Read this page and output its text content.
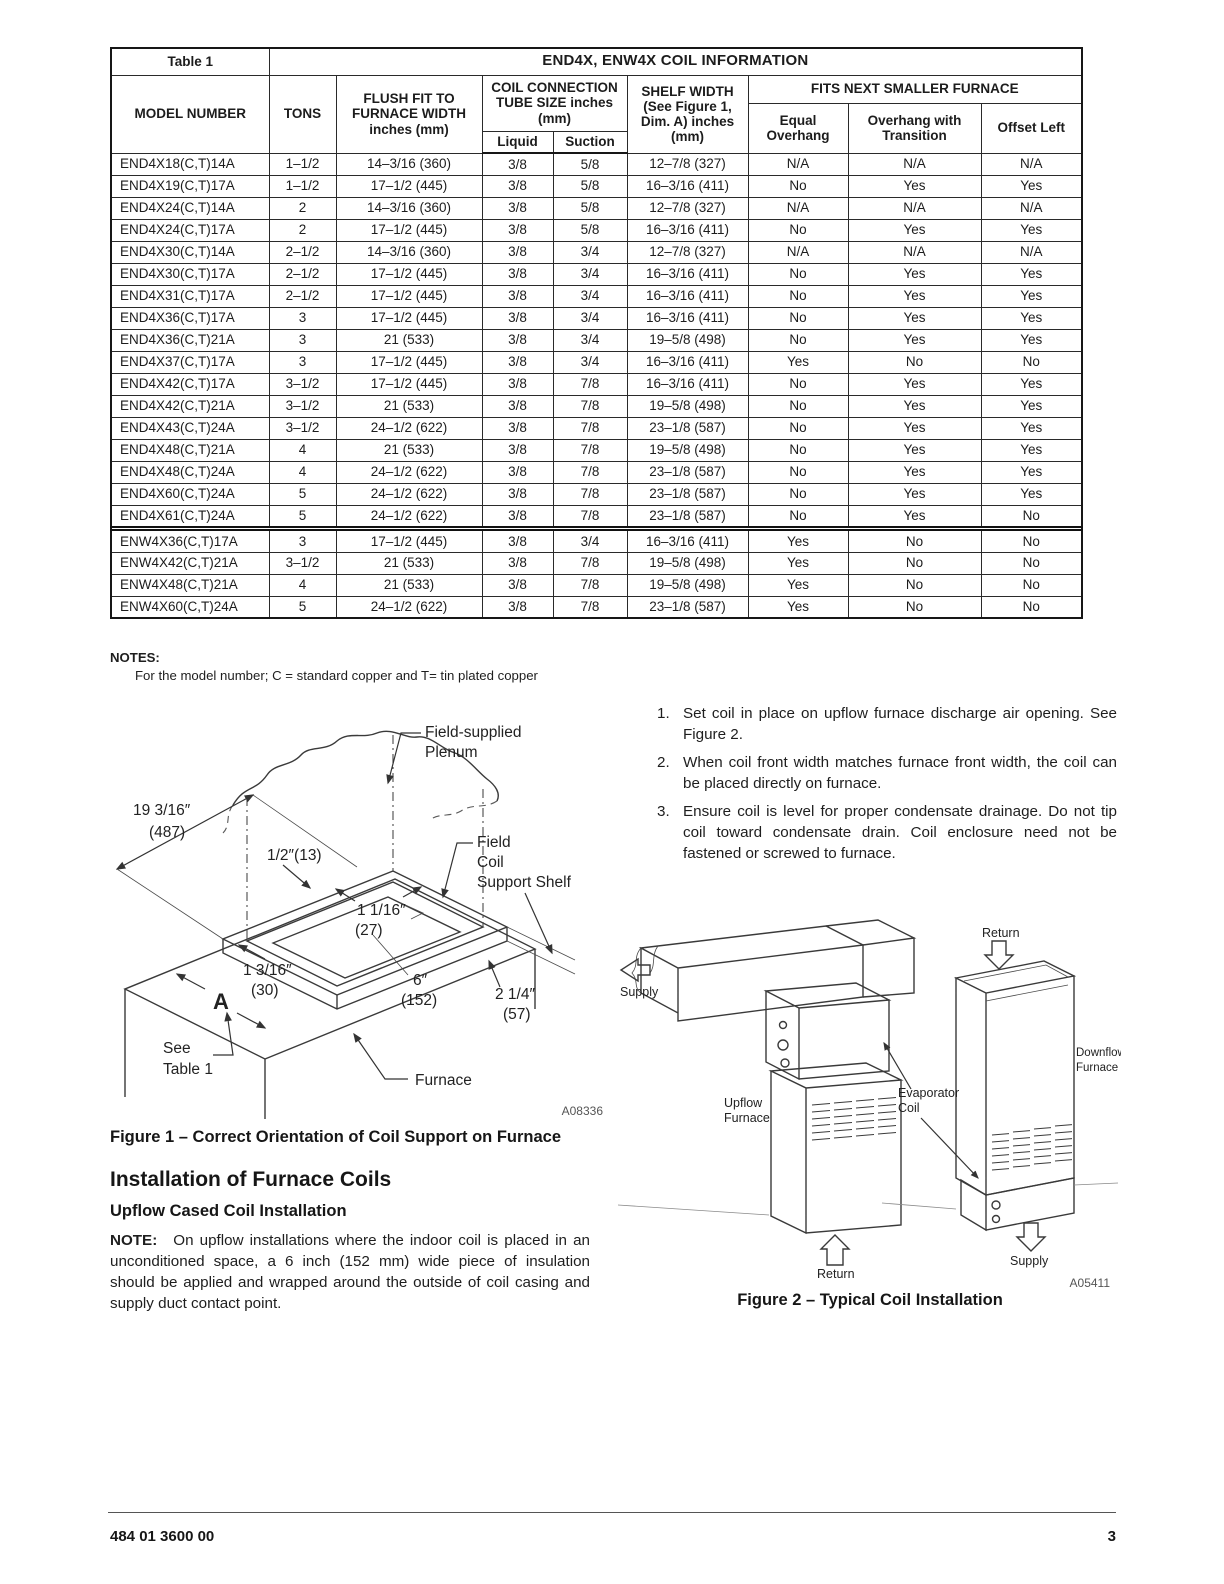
Table 1	END4X, ENW4X COIL INFORMATION							
MODEL NUMBER	TONS	FLUSH FIT TO FURNACE WIDTH inches (mm)	COIL CONNECTION TUBE SIZE inches (mm)		SHELF WIDTH (See Figure 1, Dim. A) inches (mm)	FITS NEXT SMALLER FURNACE		
						Equal Overhang	Overhang with Transition	Offset Left
			Liquid	Suction				
END4X18(C,T)14A	1–1/2	14–3/16 (360)	3/8	5/8	12–7/8 (327)	N/A	N/A	N/A
END4X19(C,T)17A	1–1/2	17–1/2 (445)	3/8	5/8	16–3/16 (411)	No	Yes	Yes
END4X24(C,T)14A	2	14–3/16 (360)	3/8	5/8	12–7/8 (327)	N/A	N/A	N/A
END4X24(C,T)17A	2	17–1/2 (445)	3/8	5/8	16–3/16 (411)	No	Yes	Yes
END4X30(C,T)14A	2–1/2	14–3/16 (360)	3/8	3/4	12–7/8 (327)	N/A	N/A	N/A
END4X30(C,T)17A	2–1/2	17–1/2 (445)	3/8	3/4	16–3/16 (411)	No	Yes	Yes
END4X31(C,T)17A	2–1/2	17–1/2 (445)	3/8	3/4	16–3/16 (411)	No	Yes	Yes
END4X36(C,T)17A	3	17–1/2 (445)	3/8	3/4	16–3/16 (411)	No	Yes	Yes
END4X36(C,T)21A	3	21 (533)	3/8	3/4	19–5/8 (498)	No	Yes	Yes
END4X37(C,T)17A	3	17–1/2 (445)	3/8	3/4	16–3/16 (411)	Yes	No	No
END4X42(C,T)17A	3–1/2	17–1/2 (445)	3/8	7/8	16–3/16 (411)	No	Yes	Yes
END4X42(C,T)21A	3–1/2	21 (533)	3/8	7/8	19–5/8 (498)	No	Yes	Yes
END4X43(C,T)24A	3–1/2	24–1/2 (622)	3/8	7/8	23–1/8 (587)	No	Yes	Yes
END4X48(C,T)21A	4	21 (533)	3/8	7/8	19–5/8 (498)	No	Yes	Yes
END4X48(C,T)24A	4	24–1/2 (622)	3/8	7/8	23–1/8 (587)	No	Yes	Yes
END4X60(C,T)24A	5	24–1/2 (622)	3/8	7/8	23–1/8 (587)	No	Yes	Yes
END4X61(C,T)24A	5	24–1/2 (622)	3/8	7/8	23–1/8 (587)	No	Yes	No

ENW4X36(C,T)17A	3	17–1/2 (445)	3/8	3/4	16–3/16 (411)	Yes	No	No
ENW4X42(C,T)21A	3–1/2	21 (533)	3/8	7/8	19–5/8 (498)	Yes	No	No
ENW4X48(C,T)21A	4	21 (533)	3/8	7/8	19–5/8 (498)	Yes	No	No
ENW4X60(C,T)24A	5	24–1/2 (622)	3/8	7/8	23–1/8 (587)	Yes	No	No
NOTES:
For the model number; C = standard copper and T= tin plated copper
19 3/16″
(487)
1/2″(13)
1 1/16″
(27)
1 3/16″
(30)
6″
(152)	2 1/4″
(57)
A
See
Table 1
Furnace
Field-supplied
Plenum
Field
Coil
Support Shelf
A08336
Figure 1 – Correct Orientation of Coil Support on Furnace
1. Set coil in place on upflow furnace discharge air opening. See Figure 2.
2. When coil front width matches furnace front width, the coil can be placed directly on furnace.
3. Ensure coil is level for proper condensate drainage. Do not tip coil toward condensate drain. Coil enclosure need not be fastened or screwed to furnace.
Supply
Return
Return
Supply
Upflow
Furnace
Evaporator
Coil
Downflow
Furnace
A05411
Figure 2 – Typical Coil Installation
Installation of Furnace Coils
Upflow Cased Coil Installation

NOTE: On upflow installations where the indoor coil is placed in an unconditioned space, a 6 inch (152 mm) wide piece of insulation should be applied and wrapped around the outside of coil casing and supply duct contact point.

484 01 3600 00	3
